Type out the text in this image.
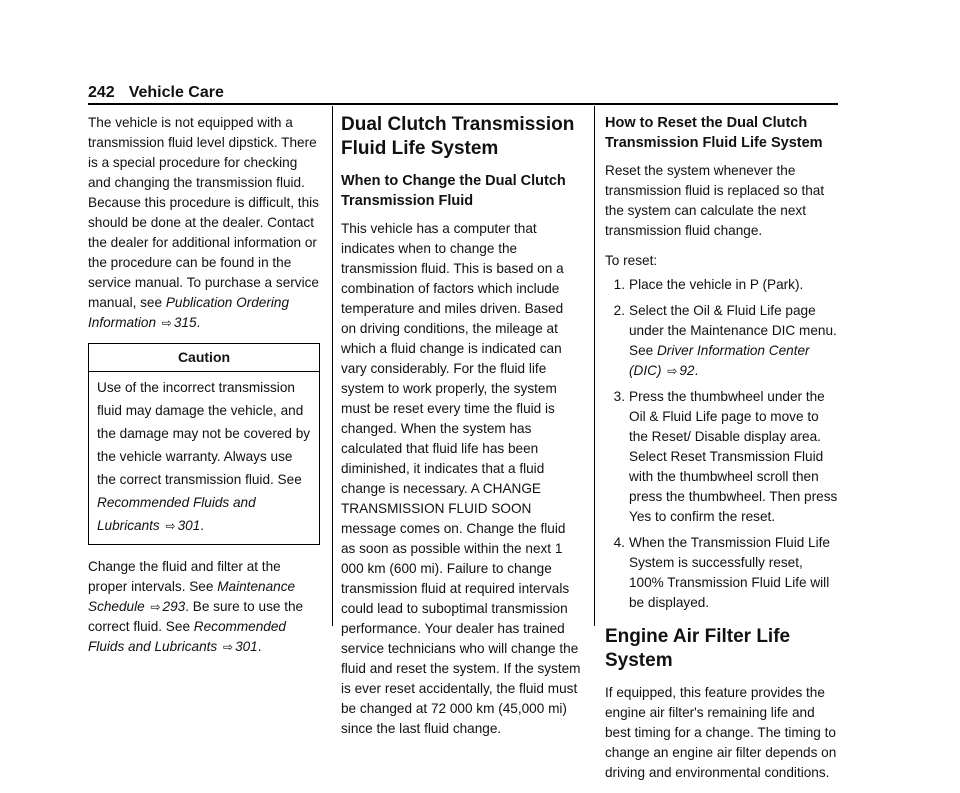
242 Vehicle Care

The vehicle is not equipped with a transmission fluid level dipstick. There is a special procedure for checking and changing the transmission fluid. Because this procedure is difficult, this should be done at the dealer. Contact the dealer for additional information or the procedure can be found in the service manual. To purchase a service manual, see Publication Ordering Information ⇨ 315.

Caution
Use of the incorrect transmission fluid may damage the vehicle, and the damage may not be covered by the vehicle warranty. Always use the correct transmission fluid. See Recommended Fluids and Lubricants ⇨ 301.

Change the fluid and filter at the proper intervals. See Maintenance Schedule ⇨ 293. Be sure to use the correct fluid. See Recommended Fluids and Lubricants ⇨ 301.

Dual Clutch Transmission Fluid Life System
When to Change the Dual Clutch Transmission Fluid

This vehicle has a computer that indicates when to change the transmission fluid. This is based on a combination of factors which include temperature and miles driven. Based on driving conditions, the mileage at which a fluid change is indicated can vary considerably. For the fluid life system to work properly, the system must be reset every time the fluid is changed. When the system has calculated that fluid life has been diminished, it indicates that a fluid change is necessary. A CHANGE TRANSMISSION FLUID SOON message comes on. Change the fluid as soon as possible within the next 1 000 km (600 mi). Failure to change transmission fluid at required intervals could lead to suboptimal transmission performance. Your dealer has trained service technicians who will change the fluid and reset the system. If the system is ever reset accidentally, the fluid must be changed at 72 000 km (45,000 mi) since the last fluid change.

How to Reset the Dual Clutch Transmission Fluid Life System

Reset the system whenever the transmission fluid is replaced so that the system can calculate the next transmission fluid change.

To reset:

1. Place the vehicle in P (Park).
2. Select the Oil & Fluid Life page under the Maintenance DIC menu. See Driver Information Center (DIC) ⇨ 92.
3. Press the thumbwheel under the Oil & Fluid Life page to move to the Reset/ Disable display area. Select Reset Transmission Fluid with the thumbwheel scroll then press the thumbwheel. Then press Yes to confirm the reset.
4. When the Transmission Fluid Life System is successfully reset, 100% Transmission Fluid Life will be displayed.
Engine Air Filter Life System

If equipped, this feature provides the engine air filter's remaining life and best timing for a change. The timing to change an engine air filter depends on driving and environmental conditions.
